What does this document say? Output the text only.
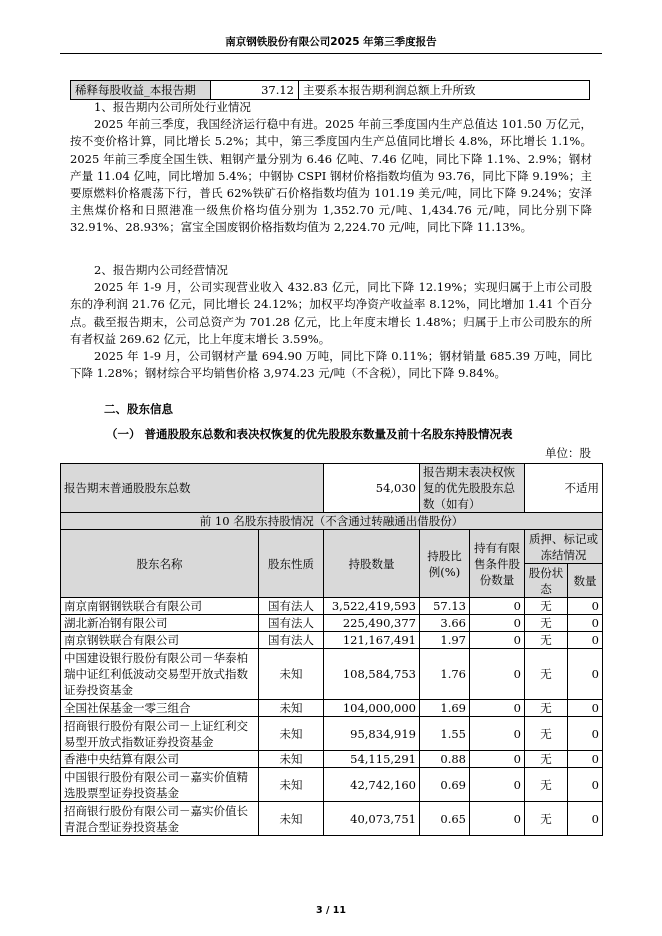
南京钢铁股份有限公司2025 年第三季度报告
稀释每股收益_本报告期	37.12	主要系本报告期利润总额上升所致

1、报告期内公司所处行业情况

2025 年前三季度，我国经济运行稳中有进。2025 年前三季度国内生产总值达 101.50 万亿元，按不变价格计算，同比增长 5.2%；其中，第三季度国内生产总值同比增长 4.8%，环比增长 1.1%。2025 年前三季度全国生铁、粗钢产量分别为 6.46 亿吨、7.46 亿吨，同比下降 1.1%、2.9%；钢材产量 11.04 亿吨，同比增加 5.4%；中钢协 CSPI 钢材价格指数均值为 93.76，同比下降 9.19%；主要原燃料价格震荡下行，普氏 62%铁矿石价格指数均值为 101.19 美元/吨，同比下降 9.24%；安泽主焦煤价格和日照港准一级焦价格均值分别为 1,352.70 元/吨、1,434.76 元/吨，同比分别下降 32.91%、28.93%；富宝全国废钢价格指数均值为 2,224.70 元/吨，同比下降 11.13%。

2、报告期内公司经营情况

2025 年 1-9 月，公司实现营业收入 432.83 亿元，同比下降 12.19%；实现归属于上市公司股东的净利润 21.76 亿元，同比增长 24.12%；加权平均净资产收益率 8.12%，同比增加 1.41 个百分点。截至报告期末，公司总资产为 701.28 亿元，比上年度末增长 1.48%；归属于上市公司股东的所有者权益 269.62 亿元，比上年度末增长 3.59%。

2025 年 1-9 月，公司钢材产量 694.90 万吨，同比下降 0.11%；钢材销量 685.39 万吨，同比下降 1.28%；钢材综合平均销售价格 3,974.23 元/吨（不含税），同比下降 9.84%。

二、股东信息
（一） 普通股股东总数和表决权恢复的优先股股东数量及前十名股东持股情况表
单位：股
报告期末普通股股东总数		54,030	报告期末表决权恢复的优先股股东总数（如有）		不适用	
前 10 名股东持股情况（不含通过转融通出借股份）						
股东名称	股东性质	持股数量	持股比例(%)	持有有限售条件股份数量	质押、标记或冻结情况	
					股份状态	数量
南京南钢钢铁联合有限公司	国有法人	3,522,419,593	57.13	0	无	0
湖北新冶钢有限公司	国有法人	225,490,377	3.66	0	无	0
南京钢铁联合有限公司	国有法人	121,167,491	1.97	0	无	0
中国建设银行股份有限公司－华泰柏瑞中证红利低波动交易型开放式指数证券投资基金	未知	108,584,753	1.76	0	无	0
全国社保基金一零三组合	未知	104,000,000	1.69	0	无	0
招商银行股份有限公司－上证红利交易型开放式指数证券投资基金	未知	95,834,919	1.55	0	无	0
香港中央结算有限公司	未知	54,115,291	0.88	0	无	0
中国银行股份有限公司－嘉实价值精选股票型证券投资基金	未知	42,742,160	0.69	0	无	0
招商银行股份有限公司－嘉实价值长青混合型证券投资基金	未知	40,073,751	0.65	0	无	0
3 / 11
